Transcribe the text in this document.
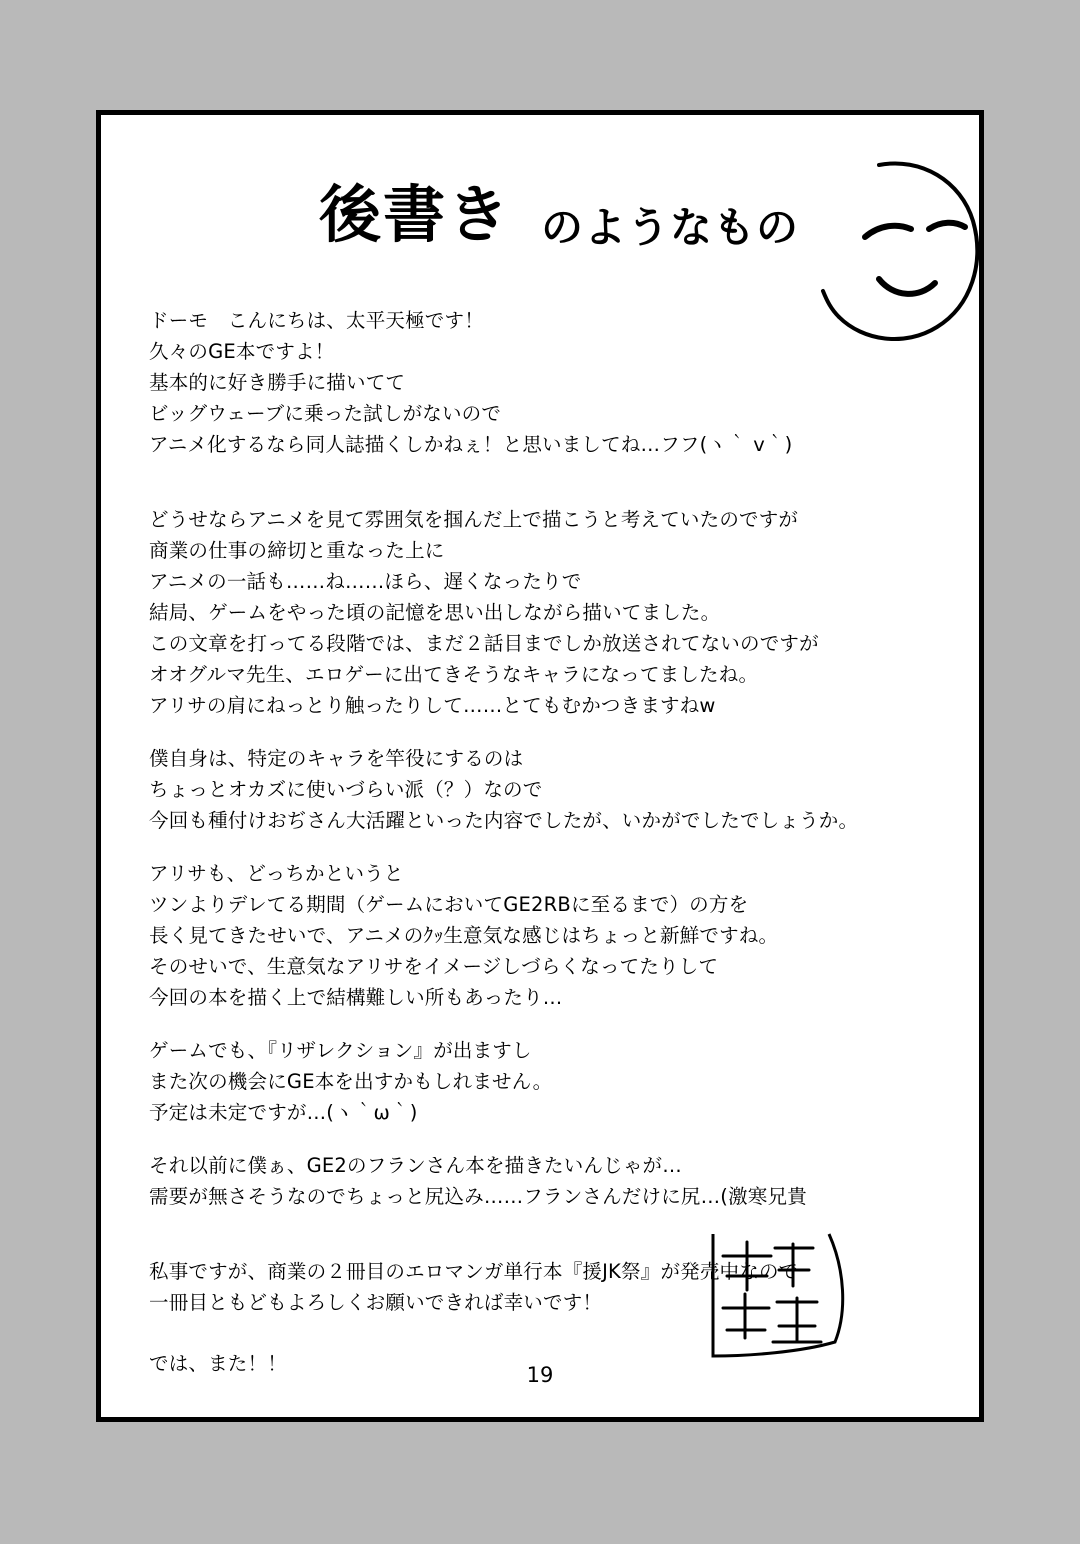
後書き のようなもの
ドーモ　こんにちは、太平天極です！
久々のGE本ですよ！
基本的に好き勝手に描いてて
ビッグウェーブに乗った試しがないので
アニメ化するなら同人誌描くしかねぇ！と思いましてね…フフ(ヽ｀ v｀)
どうせならアニメを見て雰囲気を掴んだ上で描こうと考えていたのですが
商業の仕事の締切と重なった上に
アニメの一話も……ね……ほら、遅くなったりで
結局、ゲームをやった頃の記憶を思い出しながら描いてました。
この文章を打ってる段階では、まだ２話目までしか放送されてないのですが
オオグルマ先生、エロゲーに出てきそうなキャラになってましたね。
アリサの肩にねっとり触ったりして……とてもむかつきますねw
僕自身は、特定のキャラを竿役にするのは
ちょっとオカズに使いづらい派（？）なので
今回も種付けおぢさん大活躍といった内容でしたが、いかがでしたでしょうか。
アリサも、どっちかというと
ツンよりデレてる期間（ゲームにおいてGE2RBに至るまで）の方を
長く見てきたせいで、アニメのｸｯ生意気な感じはちょっと新鮮ですね。
そのせいで、生意気なアリサをイメージしづらくなってたりして
今回の本を描く上で結構難しい所もあったり…
ゲームでも、『リザレクション』が出ますし
また次の機会にGE本を出すかもしれません。
予定は未定ですが…(ヽ｀ω｀)
それ以前に僕ぁ、GE2のフランさん本を描きたいんじゃが…
需要が無さそうなのでちょっと尻込み……フランさんだけに尻…(激寒兄貴
私事ですが、商業の２冊目のエロマンガ単行本『援JK祭』が発売中なので
一冊目ともどもよろしくお願いできれば幸いです！
では、また！！	19
